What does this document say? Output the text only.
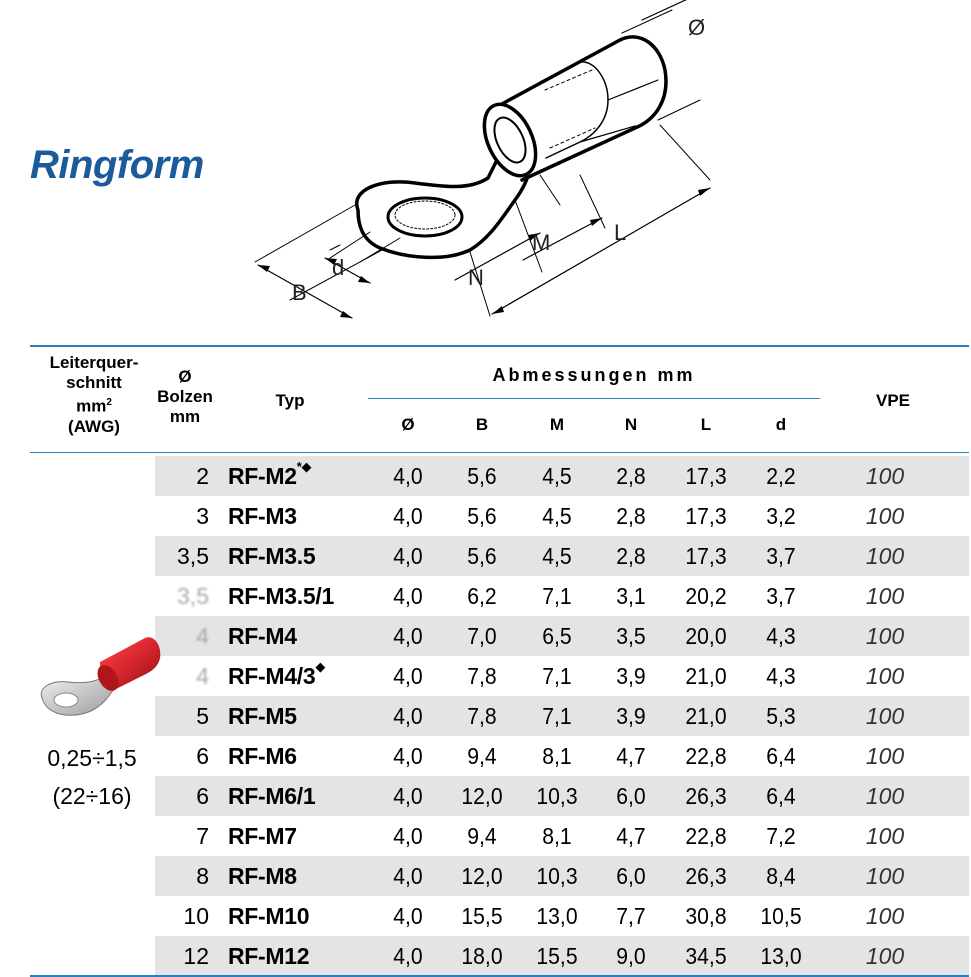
Ringform
Ø
L
M
N
B
d
Leiterquer-
schnitt
$mm^2$
(AWG)
Ø
Bolzen
mm
Typ
Abmessungen mm
Ø	B	M	N	L	d
VPE
2 RF-M2*◆	4,0	5,6	4,5	2,8	17,3	2,2	100
3 RF-M3	4,0	5,6	4,5	2,8	17,3	3,2	100
3,5 RF-M3.5	4,0	5,6	4,5	2,8	17,3	3,7	100
3,5 RF-M3.5/1	4,0	6,2	7,1	3,1	20,2	3,7	100
4 RF-M4	4,0	7,0	6,5	3,5	20,0	4,3	100
4 RF-M4/3◆	4,0	7,8	7,1	3,9	21,0	4,3	100
5 RF-M5	4,0	7,8	7,1	3,9	21,0	5,3	100
6 RF-M6	4,0	9,4	8,1	4,7	22,8	6,4	100
6 RF-M6/1	4,0	12,0	10,3	6,0	26,3	6,4	100
7 RF-M7	4,0	9,4	8,1	4,7	22,8	7,2	100
8 RF-M8	4,0	12,0	10,3	6,0	26,3	8,4	100
10 RF-M10	4,0	15,5	13,0	7,7	30,8	10,5	100
12 RF-M12	4,0	18,0	15,5	9,0	34,5	13,0	100
0,25÷1,5
(22÷16)
